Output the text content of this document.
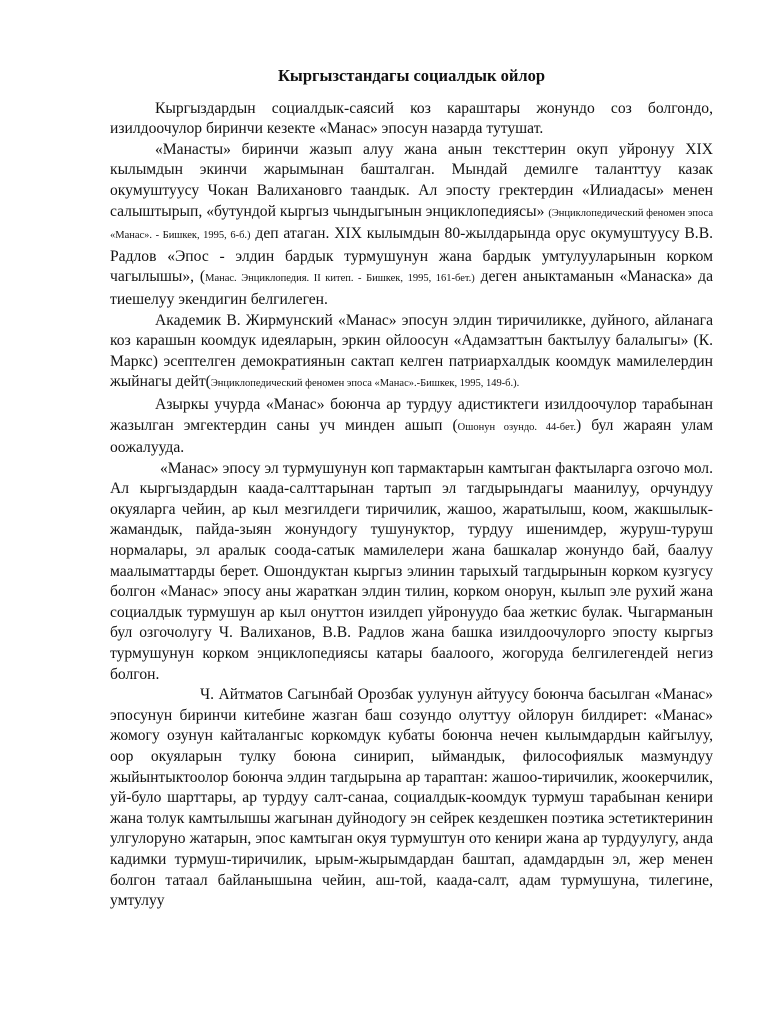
Кыргызстандагы социалдык ойлор

Кыргыздардын социалдык-саясий коз караштары жонундо соз болгондо, изилдоочулор биринчи кезекте «Манас» эпосун назарда тутушат.

«Манасты» биринчи жазып алуу жана анын тексттерин окуп уйронуу XIX кылымдын экинчи жарымынан башталган. Мындай демилге таланттуу казак окумуштуусу Чокан Валихановго таандык. Ал эпосту гректердин «Илиадасы» менен салыштырып, «бутундой кыргыз чындыгынын энциклопедиясы» (Энциклопедический феномен эпоса «Манас». - Бишкек, 1995, 6-б.) деп атаган. XIX кылымдын 80-жылдарында орус окумуштуусу В.В. Радлов «Эпос - элдин бардык турмушунун жана бардык умтулууларынын корком чагылышы», (Манас. Энциклопедия. II китеп. - Бишкек, 1995, 161-бет.) деген аныктаманын «Манаска» да тиешелуу экендигин белгилеген.

Академик В. Жирмунский «Манас» эпосун элдин тиричиликке, дуйного, айланага коз карашын коомдук идеяларын, эркин ойлоосун «Адамзаттын бактылуу балалыгы» (К. Маркс) эсептелген демократиянын сактап келген патриархалдык коомдук мамилелердин жыйнагы дейт(Энциклопедический феномен эпоса «Манас».-Бишкек, 1995, 149-б.).

Азыркы учурда «Манас» боюнча ар турдуу адистиктеги изилдоочулор тарабынан жазылган эмгектердин саны уч минден ашып (Ошонун озундо. 44-бет.) бул жараян улам оожалууда.

«Манас» эпосу эл турмушунун коп тармактарын камтыган фактыларга озгочо мол. Ал кыргыздардын каада-салттарынан тартып эл тагдырындагы маанилуу, орчундуу окуяларга чейин, ар кыл мезгилдеги тиричилик, жашоо, жаратылыш, коом, жакшылык-жамандык, пайда-зыян жонундогу тушунуктор, турдуу ишенимдер, журуш-туруш нормалары, эл аралык соода-сатык мамилелери жана башкалар жонундо бай, баалуу маалыматтарды берет. Ошондуктан кыргыз элинин тарыхый тагдырынын корком кузгусу болгон «Манас» эпосу аны жараткан элдин тилин, корком онорун, кылып эле рухий жана социалдык турмушун ар кыл онуттон изилдеп уйронуудо баа жеткис булак. Чыгарманын бул озгочолугу Ч. Валиханов, В.В. Радлов жана башка изилдоочулорго эпосту кыргыз турмушунун корком энциклопедиясы катары баалоого, жогоруда белгилегендей негиз болгон.

Ч. Айтматов Сагынбай Орозбак уулунун айтуусу боюнча басылган «Манас» эпосунун биринчи китебине жазган баш созундо олуттуу ойлорун билдирет: «Манас» жомогу озунун кайталангыс коркомдук кубаты боюнча нечен кылымдардын кайгылуу, оор окуяларын тулку боюна синирип, ыймандык, философиялык мазмундуу жыйынтыктоолор боюнча элдин тагдырына ар тараптан: жашоо-тиричилик, жоокерчилик, уй-було шарттары, ар турдуу салт-санаа, социалдык-коомдук турмуш тарабынан кенири жана толук камтылышы жагынан дуйнодогу эн сейрек кездешкен поэтика эстетиктеринин улгулоруно жатарын, эпос камтыган окуя турмуштун ото кенири жана ар турдуулугу, анда кадимки турмуш-тиричилик, ырым-жырымдардан баштап, адамдардын эл, жер менен болгон татаал байланышына чейин, аш-той, каада-салт, адам турмушуна, тилегине, умтулуу
